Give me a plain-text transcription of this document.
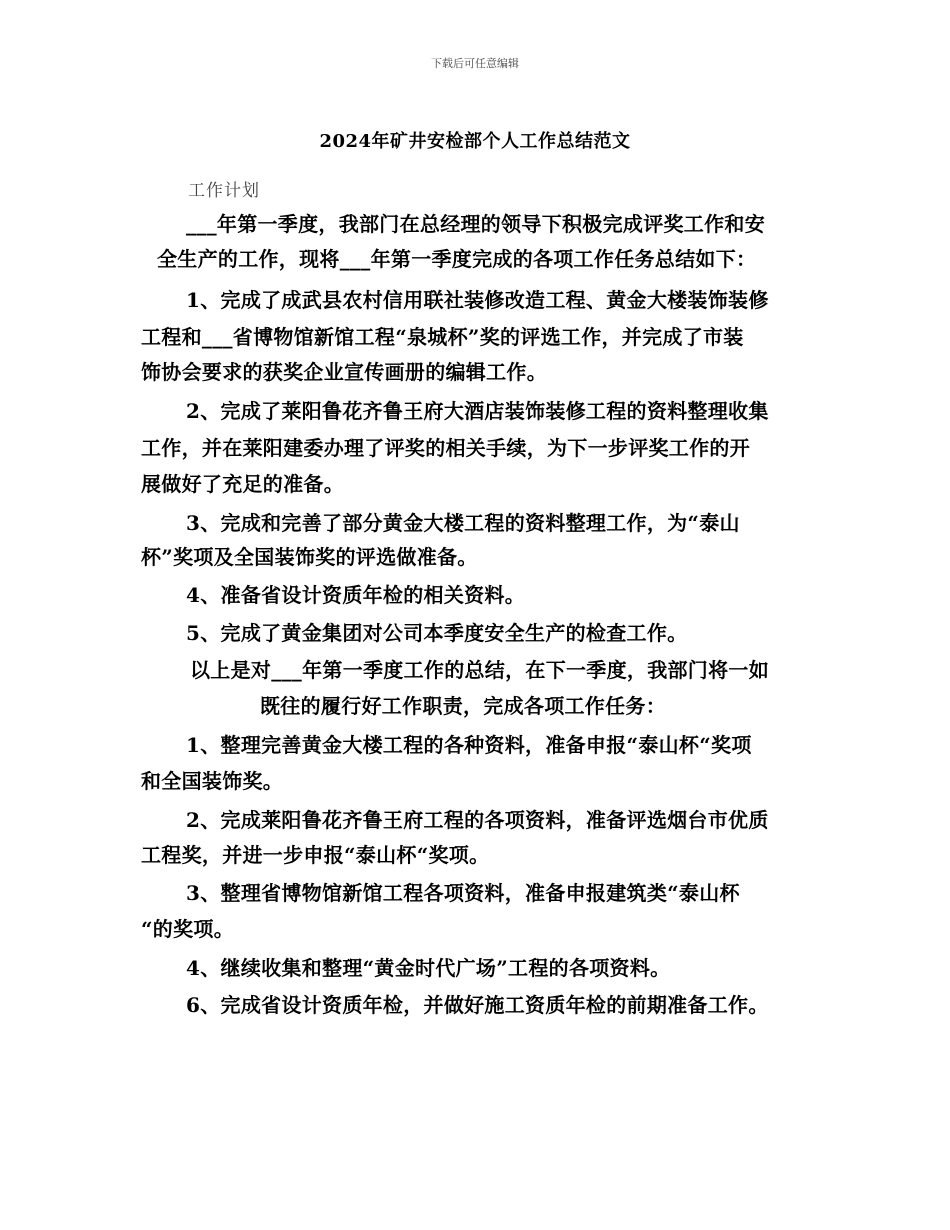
下载后可任意编辑
2024年矿井安检部个人工作总结范文
工作计划
___年第一季度，我部门在总经理的领导下积极完成评奖工作和安
全生产的工作，现将___年第一季度完成的各项工作任务总结如下：
1、完成了成武县农村信用联社装修改造工程、黄金大楼装饰装修
工程和___省博物馆新馆工程“泉城杯”奖的评选工作，并完成了市装
饰协会要求的获奖企业宣传画册的编辑工作。
2、完成了莱阳鲁花齐鲁王府大酒店装饰装修工程的资料整理收集
工作，并在莱阳建委办理了评奖的相关手续，为下一步评奖工作的开
展做好了充足的准备。
3、完成和完善了部分黄金大楼工程的资料整理工作，为“泰山
杯”奖项及全国装饰奖的评选做准备。
4、准备省设计资质年检的相关资料。
5、完成了黄金集团对公司本季度安全生产的检查工作。
以上是对___年第一季度工作的总结，在下一季度，我部门将一如
既往的履行好工作职责，完成各项工作任务：
1、整理完善黄金大楼工程的各种资料，准备申报“泰山杯“奖项
和全国装饰奖。
2、完成莱阳鲁花齐鲁王府工程的各项资料，准备评选烟台市优质
工程奖，并进一步申报“泰山杯“奖项。
3、整理省博物馆新馆工程各项资料，准备申报建筑类“泰山杯
“的奖项。
4、继续收集和整理“黄金时代广场”工程的各项资料。
6、完成省设计资质年检，并做好施工资质年检的前期准备工作。
